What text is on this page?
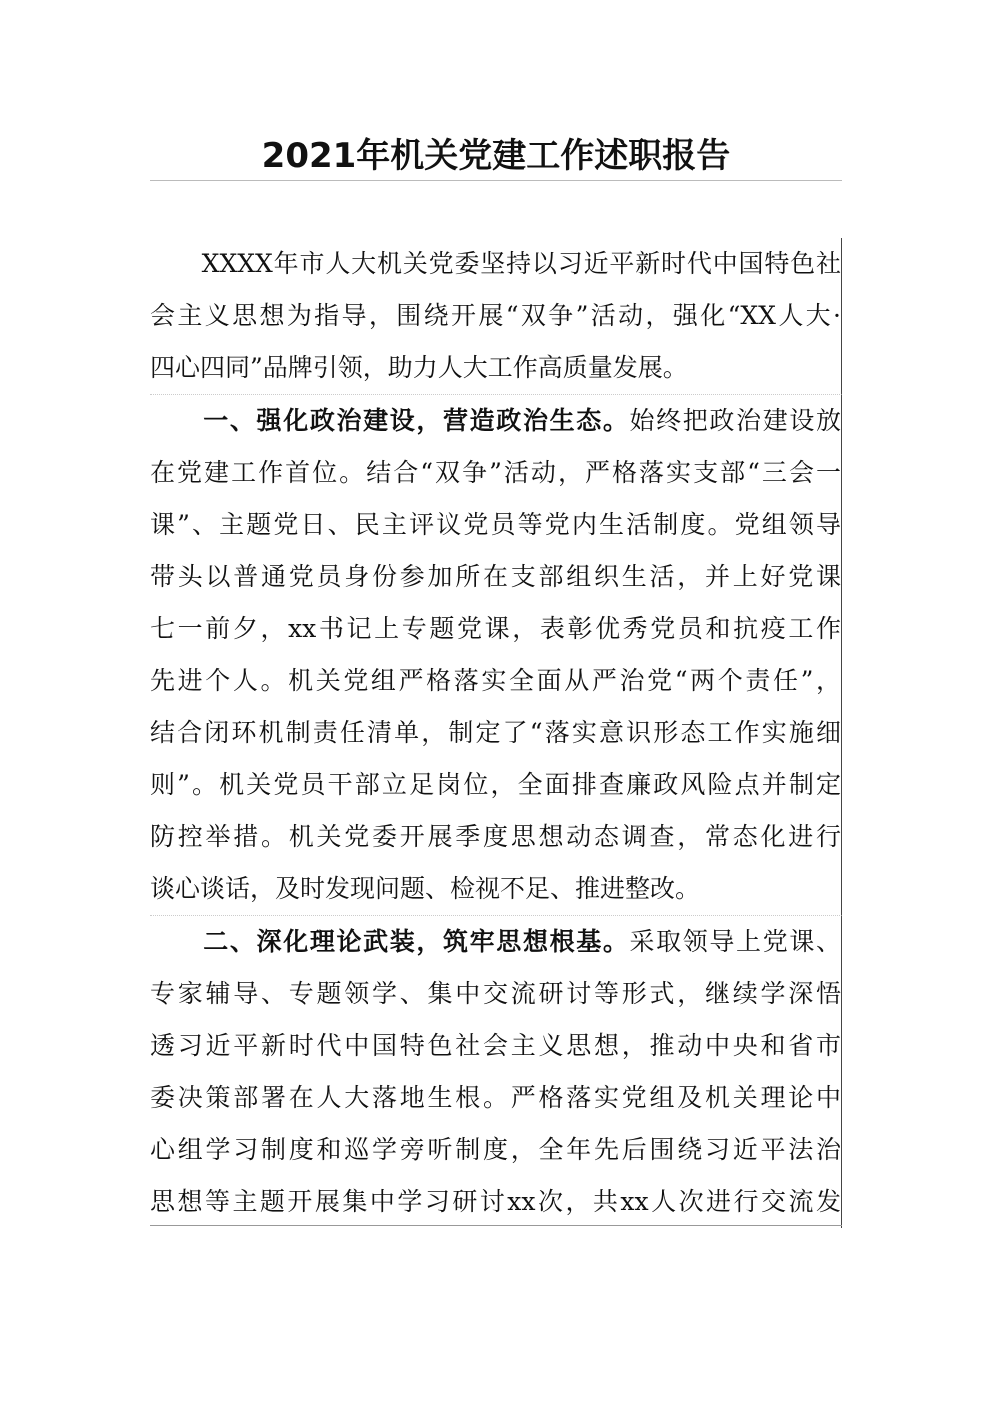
2021年机关党建工作述职报告
　　XXXX年市人大机关党委坚持以习近平新时代中国特色社
会主义思想为指导，围绕开展“双争”活动，强化“XX人大·
四心四同”品牌引领，助力人大工作高质量发展。
　　一、强化政治建设，营造政治生态。始终把政治建设放
在党建工作首位。结合“双争”活动，严格落实支部“三会一
课”、主题党日、民主评议党员等党内生活制度。党组领导
带头以普通党员身份参加所在支部组织生活，并上好党课
七一前夕，xx书记上专题党课，表彰优秀党员和抗疫工作
先进个人。机关党组严格落实全面从严治党“两个责任”，
结合闭环机制责任清单，制定了“落实意识形态工作实施细
则”。机关党员干部立足岗位，全面排查廉政风险点并制定
防控举措。机关党委开展季度思想动态调查，常态化进行
谈心谈话，及时发现问题、检视不足、推进整改。
　　二、深化理论武装，筑牢思想根基。采取领导上党课、
专家辅导、专题领学、集中交流研讨等形式，继续学深悟
透习近平新时代中国特色社会主义思想，推动中央和省市
委决策部署在人大落地生根。严格落实党组及机关理论中
心组学习制度和巡学旁听制度，全年先后围绕习近平法治
思想等主题开展集中学习研讨xx次，共xx人次进行交流发
